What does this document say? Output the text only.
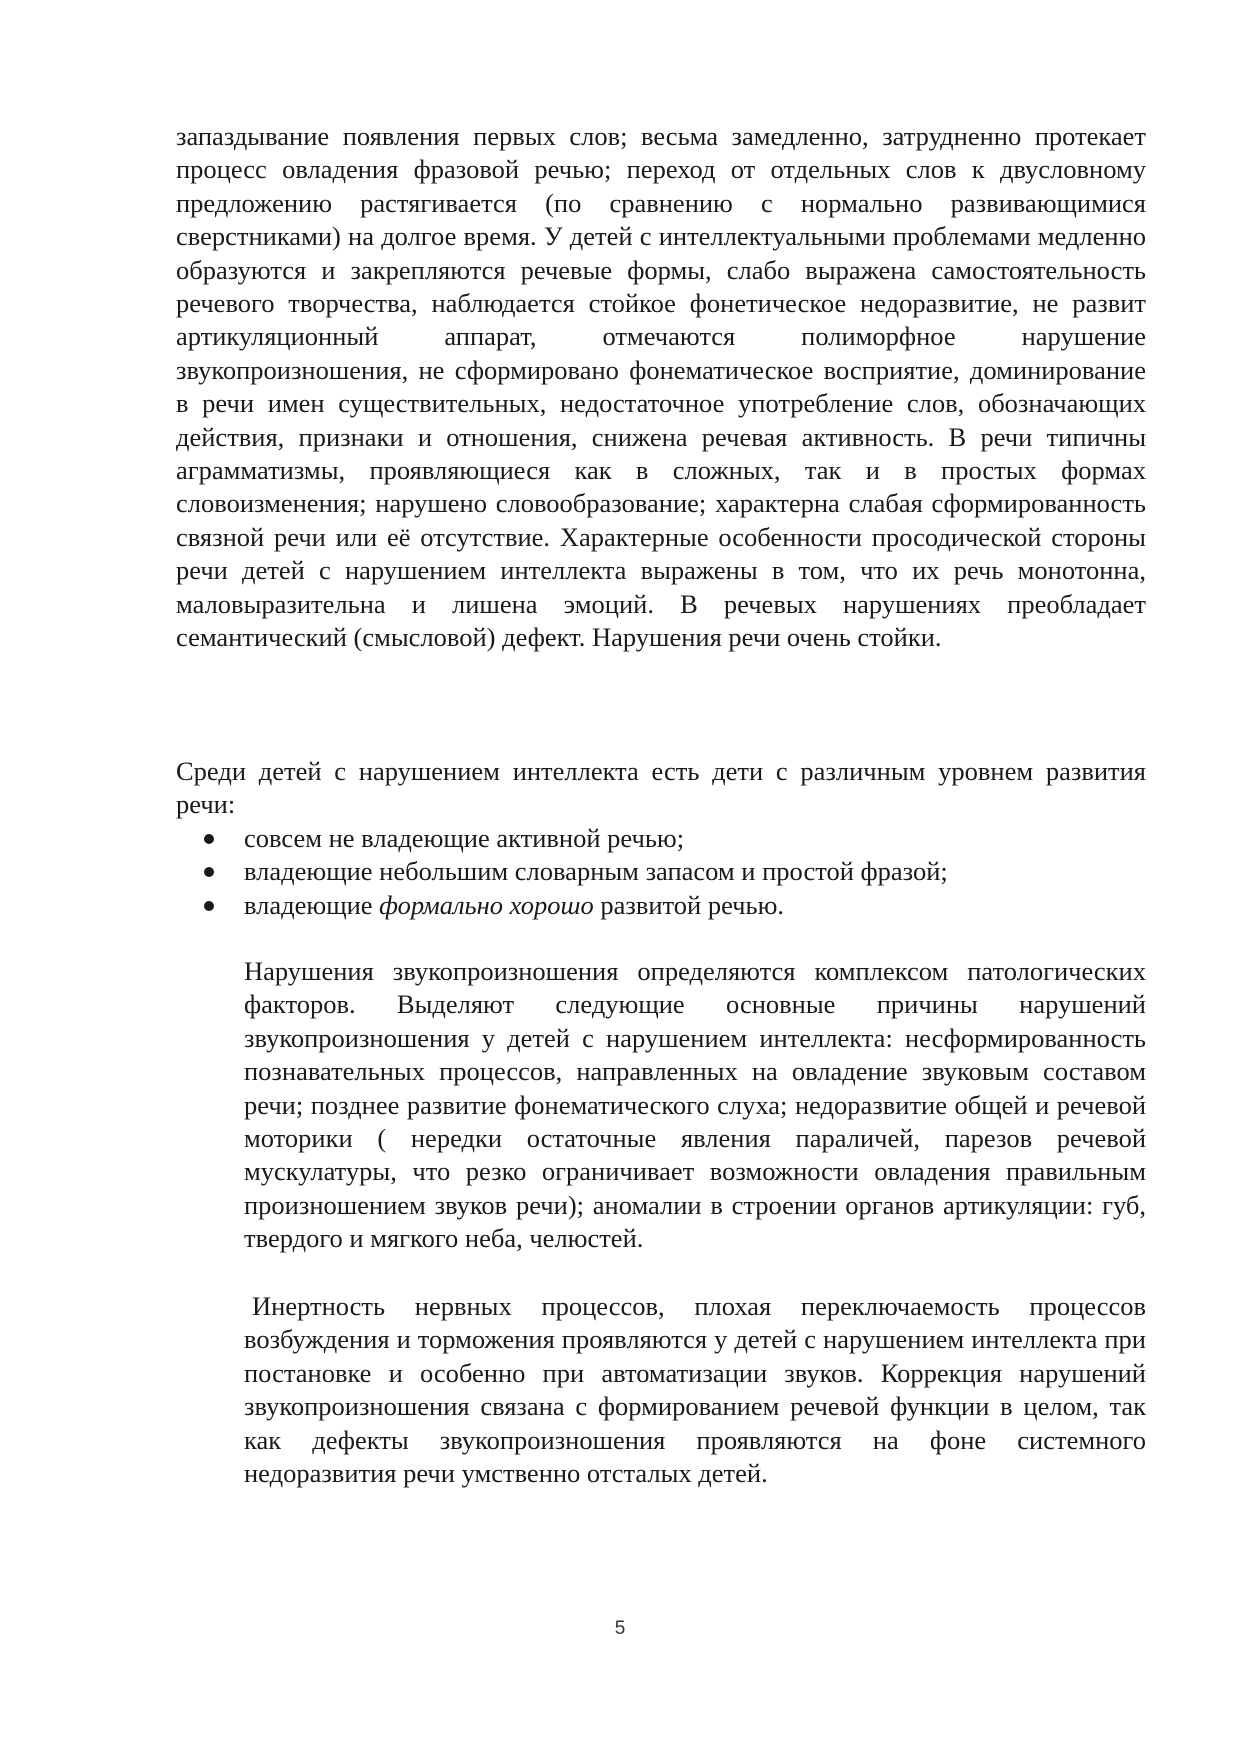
запаздывание появления первых слов; весьма замедленно, затрудненно протекает процесс овладения фразовой речью; переход от отдельных слов к двусловному предложению растягивается (по сравнению с нормально развивающимися сверстниками) на долгое время. У детей с интеллектуальными проблемами медленно образуются и закрепляются речевые формы, слабо выражена самостоятельность речевого творчества, наблюдается стойкое фонетическое недоразвитие, не развит артикуляционный аппарат, отмечаются полиморфное нарушение звукопроизношения, не сформировано фонематическое восприятие, доминирование в речи имен существительных, недостаточное употребление слов, обозначающих действия, признаки и отношения, снижена речевая активность. В речи типичны аграмматизмы, проявляющиеся как в сложных, так и в простых формах словоизменения; нарушено словообразование; характерна слабая сформированность связной речи или её отсутствие. Характерные особенности просодической стороны речи детей с нарушением интеллекта выражены в том, что их речь монотонна, маловыразительна и лишена эмоций. В речевых нарушениях преобладает семантический (смысловой) дефект. Нарушения речи очень стойки.

Среди детей с нарушением интеллекта есть дети с различным уровнем развития речи:

совсем не владеющие активной речью;
владеющие небольшим словарным запасом и простой фразой;
владеющие формально хорошо развитой речью.

Нарушения звукопроизношения определяются комплексом патологических факторов. Выделяют следующие основные причины нарушений звукопроизношения у детей с нарушением интеллекта: несформированность познавательных процессов, направленных на овладение звуковым составом речи; позднее развитие фонематического слуха; недоразвитие общей и речевой моторики ( нередки остаточные явления параличей, парезов речевой мускулатуры, что резко ограничивает возможности овладения правильным произношением звуков речи); аномалии в строении органов артикуляции: губ, твердого и мягкого неба, челюстей.

Инертность нервных процессов, плохая переключаемость процессов возбуждения и торможения проявляются у детей с нарушением интеллекта при постановке и особенно при автоматизации звуков. Коррекция нарушений звукопроизношения связана с формированием речевой функции в целом, так как дефекты звукопроизношения проявляются на фоне системного недоразвития речи умственно отсталых детей.

5
